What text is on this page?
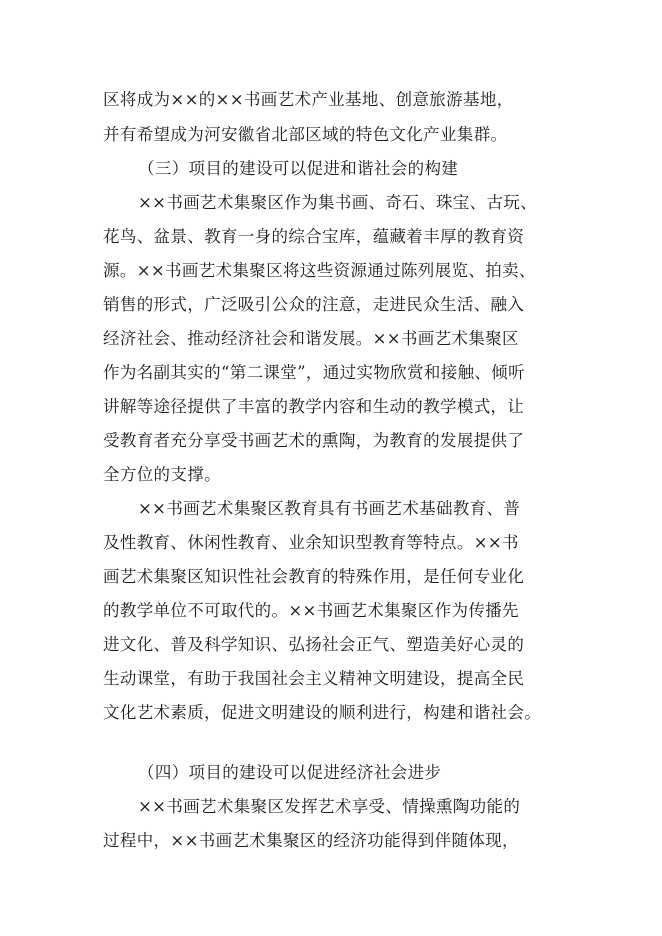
区将成为××的××书画艺术产业基地、创意旅游基地，
并有希望成为河安徽省北部区域的特色文化产业集群。
（三）项目的建设可以促进和谐社会的构建
××书画艺术集聚区作为集书画、奇石、珠宝、古玩、
花鸟、盆景、教育一身的综合宝库，蕴藏着丰厚的教育资
源。××书画艺术集聚区将这些资源通过陈列展览、拍卖、
销售的形式，广泛吸引公众的注意，走进民众生活、融入
经济社会、推动经济社会和谐发展。××书画艺术集聚区
作为名副其实的“第二课堂”，通过实物欣赏和接触、倾听
讲解等途径提供了丰富的教学内容和生动的教学模式，让
受教育者充分享受书画艺术的熏陶，为教育的发展提供了
全方位的支撑。
××书画艺术集聚区教育具有书画艺术基础教育、普
及性教育、休闲性教育、业余知识型教育等特点。××书
画艺术集聚区知识性社会教育的特殊作用，是任何专业化
的教学单位不可取代的。××书画艺术集聚区作为传播先
进文化、普及科学知识、弘扬社会正气、塑造美好心灵的
生动课堂，有助于我国社会主义精神文明建设，提高全民
文化艺术素质，促进文明建设的顺利进行，构建和谐社会。
（四）项目的建设可以促进经济社会进步
××书画艺术集聚区发挥艺术享受、情操熏陶功能的
过程中，××书画艺术集聚区的经济功能得到伴随体现，
